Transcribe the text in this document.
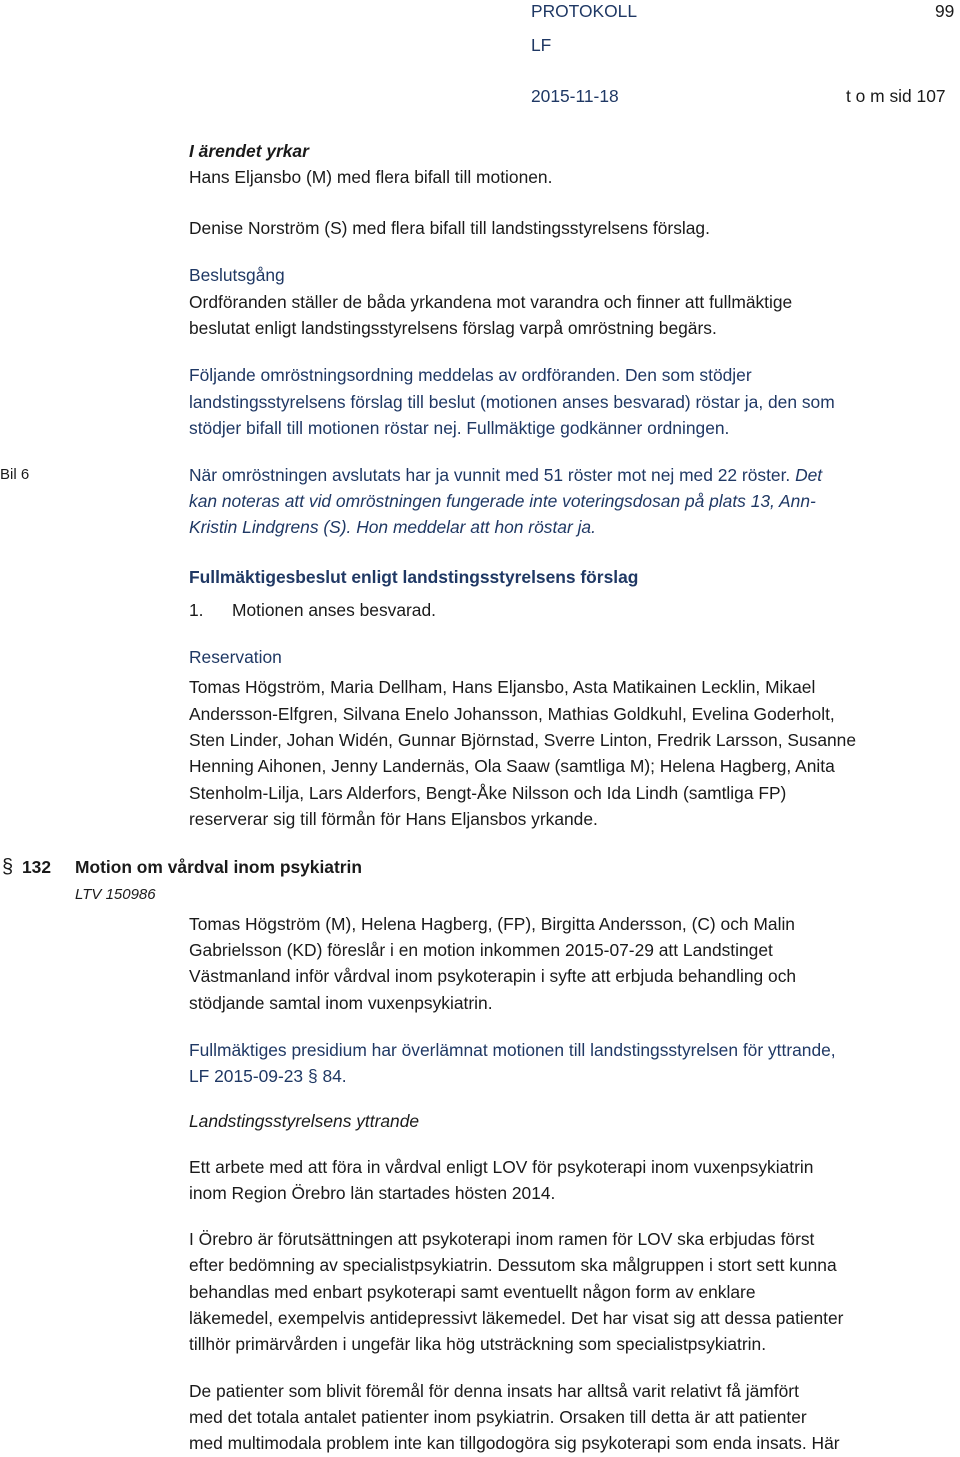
PROTOKOLL	99
LF
2015-11-18	t o m sid 107
I ärendet yrkar
Hans Eljansbo (M) med flera bifall till motionen.
Denise Norström (S) med flera bifall till landstingsstyrelsens förslag.
Beslutsgång
Ordföranden ställer de båda yrkandena mot varandra och finner att fullmäktige
beslutat enligt landstingsstyrelsens förslag varpå omröstning begärs.
Följande omröstningsordning meddelas av ordföranden. Den som stödjer
landstingsstyrelsens förslag till beslut (motionen anses besvarad) röstar ja, den som
stödjer bifall till motionen röstar nej. Fullmäktige godkänner ordningen.
Bil 6	När omröstningen avslutats har ja vunnit med 51 röster mot nej med 22 röster. Det
kan noteras att vid omröstningen fungerade inte voteringsdosan på plats 13, Ann-
Kristin Lindgrens (S). Hon meddelar att hon röstar ja.
Fullmäktigesbeslut enligt landstingsstyrelsens förslag
1. Motionen anses besvarad.
Reservation
Tomas Högström, Maria Dellham, Hans Eljansbo, Asta Matikainen Lecklin, Mikael
Andersson-Elfgren, Silvana Enelo Johansson, Mathias Goldkuhl, Evelina Goderholt,
Sten Linder, Johan Widén, Gunnar Björnstad, Sverre Linton, Fredrik Larsson, Susanne
Henning Aihonen, Jenny Landernäs, Ola Saaw (samtliga M); Helena Hagberg, Anita
Stenholm-Lilja, Lars Alderfors, Bengt-Åke Nilsson och Ida Lindh (samtliga FP)
reserverar sig till förmån för Hans Eljansbos yrkande.
§ 132 Motion om vårdval inom psykiatrin
LTV 150986
Tomas Högström (M), Helena Hagberg, (FP), Birgitta Andersson, (C) och Malin
Gabrielsson (KD) föreslår i en motion inkommen 2015-07-29 att Landstinget
Västmanland inför vårdval inom psykoterapin i syfte att erbjuda behandling och
stödjande samtal inom vuxenpsykiatrin.
Fullmäktiges presidium har överlämnat motionen till landstingsstyrelsen för yttrande,
LF 2015-09-23 § 84.
Landstingsstyrelsens yttrande
Ett arbete med att föra in vårdval enligt LOV för psykoterapi inom vuxenpsykiatrin
inom Region Örebro län startades hösten 2014.
I Örebro är förutsättningen att psykoterapi inom ramen för LOV ska erbjudas först
efter bedömning av specialistpsykiatrin. Dessutom ska målgruppen i stort sett kunna
behandlas med enbart psykoterapi samt eventuellt någon form av enklare
läkemedel, exempelvis antidepressivt läkemedel. Det har visat sig att dessa patienter
tillhör primärvården i ungefär lika hög utsträckning som specialistpsykiatrin.
De patienter som blivit föremål för denna insats har alltså varit relativt få jämfört
med det totala antalet patienter inom psykiatrin. Orsaken till detta är att patienter
med multimodala problem inte kan tillgodogöra sig psykoterapi som enda insats. Här
